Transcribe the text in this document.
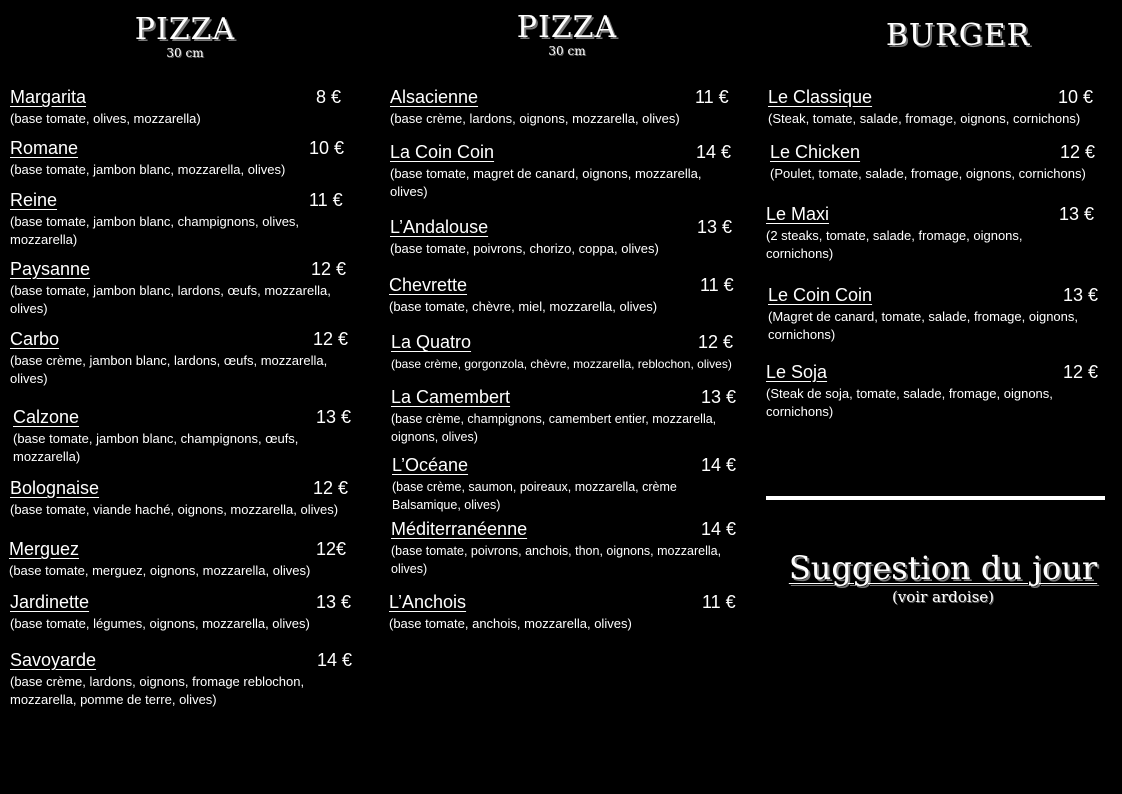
PIZZA
30 cm
PIZZA
30 cm	BURGER
Margarita	8 €
(base tomate, olives, mozzarella)
Romane	10 €
(base tomate, jambon blanc, mozzarella, olives)
Reine	11 €
(base tomate, jambon blanc, champignons, olives, mozzarella)
Paysanne	12 €
(base tomate, jambon blanc, lardons, œufs, mozzarella, olives)
Carbo	12 €
(base crème, jambon blanc, lardons, œufs, mozzarella, olives)
Calzone	13 €
(base tomate, jambon blanc, champignons, œufs, mozzarella)
Bolognaise	12 €
(base tomate, viande haché, oignons, mozzarella, olives)
Merguez	12€
(base tomate, merguez, oignons, mozzarella, olives)
Jardinette	13 €
(base tomate, légumes, oignons, mozzarella, olives)
Savoyarde	14 €
(base crème, lardons, oignons, fromage reblochon, mozzarella, pomme de terre, olives)
Alsacienne	11 €
(base crème, lardons, oignons, mozzarella, olives)
La Coin Coin	14 €
(base tomate, magret de canard, oignons, mozzarella, olives)
L’Andalouse	13 €
(base tomate, poivrons, chorizo, coppa, olives)
Chevrette	11 €
(base tomate, chèvre, miel, mozzarella, olives)
La Quatro	12 €
(base crème, gorgonzola, chèvre, mozzarella, reblochon, olives)
La Camembert	13 €
(base crème, champignons, camembert entier, mozzarella, oignons, olives)
L’Océane	14 €
(base crème, saumon, poireaux, mozzarella, crème Balsamique, olives)
Méditerranéenne	14 €
(base tomate, poivrons, anchois, thon, oignons, mozzarella, olives)
L’Anchois	11 €
(base tomate, anchois, mozzarella, olives)
Le Classique	10 €
(Steak, tomate, salade, fromage, oignons, cornichons)
Le Chicken	12 €
(Poulet, tomate, salade, fromage, oignons, cornichons)
Le Maxi	13 €
(2 steaks, tomate, salade, fromage, oignons, cornichons)
Le Coin Coin	13 €
(Magret de canard, tomate, salade, fromage, oignons, cornichons)
Le Soja	12 €
(Steak de soja, tomate, salade, fromage, oignons, cornichons)
Suggestion du jour
(voir ardoise)
